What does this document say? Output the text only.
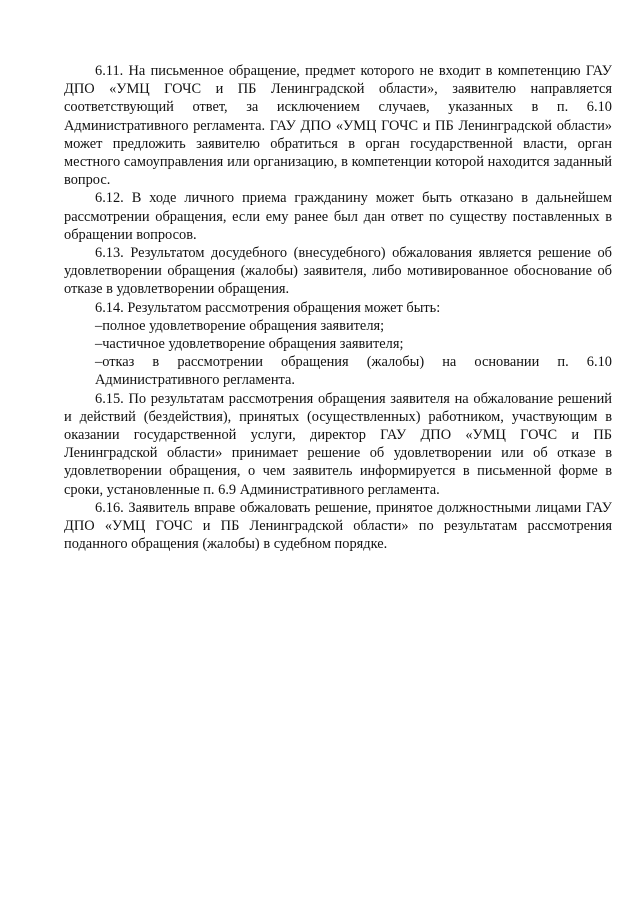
6.11. На письменное обращение, предмет которого не входит в компетенцию ГАУ ДПО «УМЦ ГОЧС и ПБ Ленинградской области», заявителю направляется соответствующий ответ, за исключением случаев, указанных в п. 6.10 Административного регламента. ГАУ ДПО «УМЦ ГОЧС и ПБ Ленинградской области» может предложить заявителю обратиться в орган государственной власти, орган местного самоуправления или организацию, в компетенции которой находится заданный вопрос.

6.12. В ходе личного приема гражданину может быть отказано в дальнейшем рассмотрении обращения, если ему ранее был дан ответ по существу поставленных в обращении вопросов.

6.13. Результатом досудебного (внесудебного) обжалования является решение об удовлетворении обращения (жалобы) заявителя, либо мотивированное обоснование об отказе в удовлетворении обращения.

6.14. Результатом рассмотрения обращения может быть:

–полное удовлетворение обращения заявителя;

–частичное удовлетворение обращения заявителя;

–отказ в рассмотрении обращения (жалобы) на основании п. 6.10 Административного регламента.

6.15. По результатам рассмотрения обращения заявителя на обжалование решений и действий (бездействия), принятых (осуществленных) работником, участвующим в оказании государственной услуги, директор ГАУ ДПО «УМЦ ГОЧС и ПБ Ленинградской области» принимает решение об удовлетворении или об отказе в удовлетворении обращения, о чем заявитель информируется в письменной форме в сроки, установленные п. 6.9 Административного регламента.

6.16. Заявитель вправе обжаловать решение, принятое должностными лицами ГАУ ДПО «УМЦ ГОЧС и ПБ Ленинградской области» по результатам рассмотрения поданного обращения (жалобы) в судебном порядке.
